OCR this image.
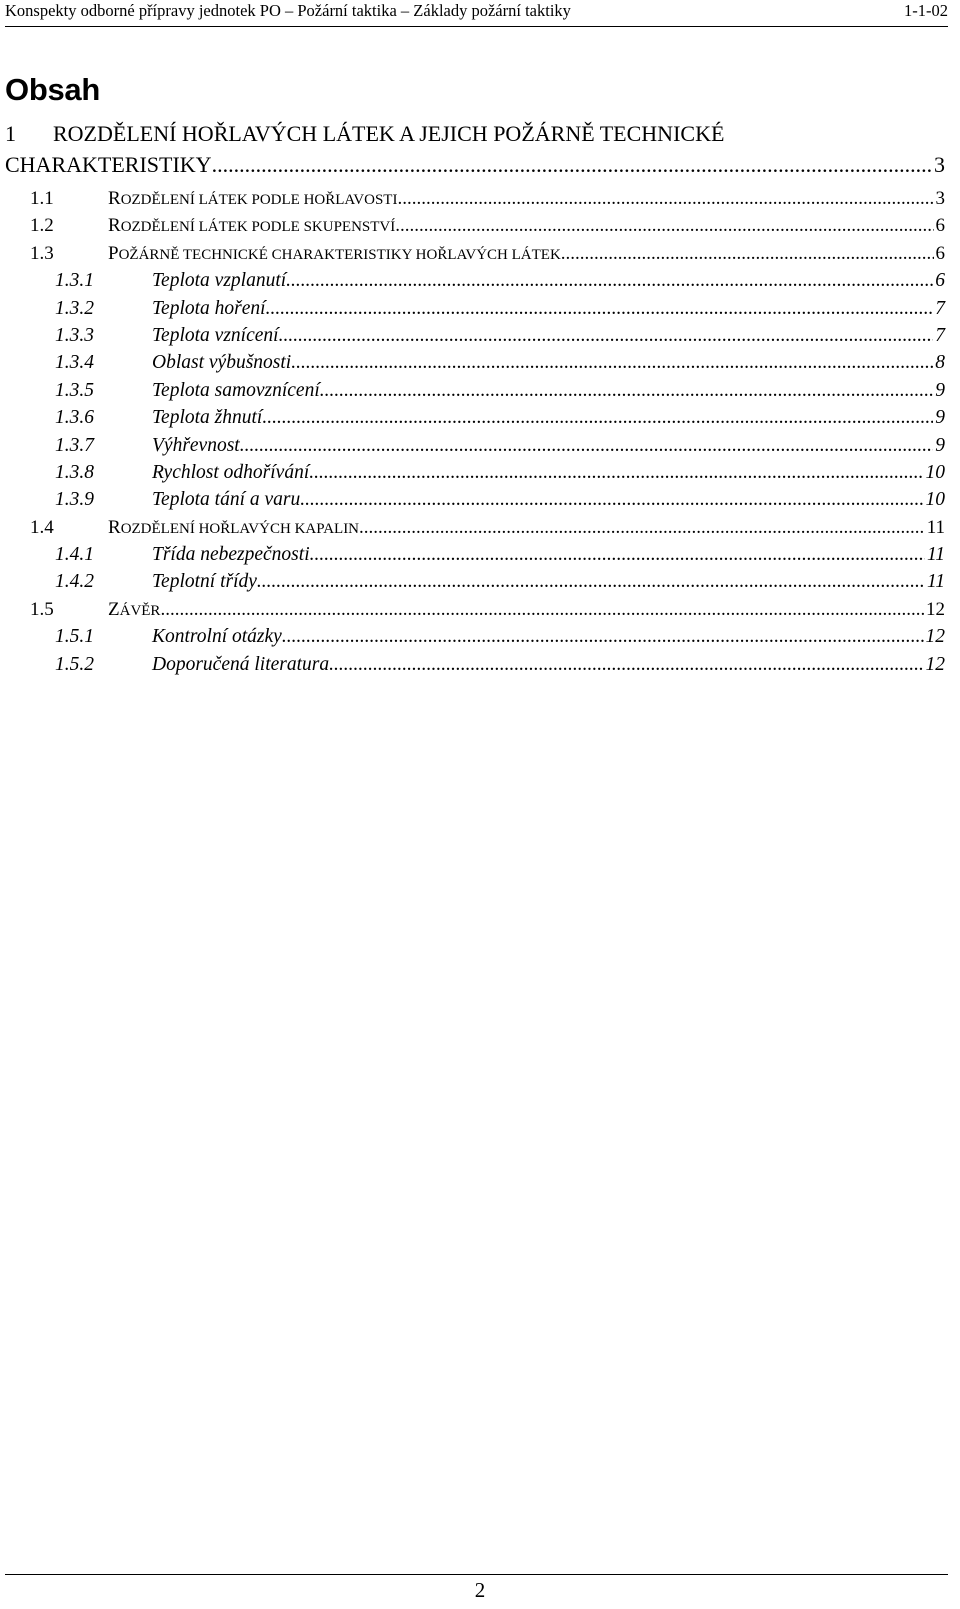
Konspekty odborné přípravy jednotek PO – Požární taktika – Základy požární taktiky	1-1-02
Obsah
1 ROZDĚLENÍ HOŘLAVÝCH LÁTEK A JEJICH POŽÁRNĚ TECHNICKÉ
CHARAKTERISTIKY .....	3
1.1	ROZDĚLENÍ LÁTEK PODLE HOŘLAVOSTI .....	3
1.2	ROZDĚLENÍ LÁTEK PODLE SKUPENSTVÍ .....	6
1.3	POŽÁRNĚ TECHNICKÉ CHARAKTERISTIKY HOŘLAVÝCH LÁTEK .....	6
1.3.1	Teplota vzplanutí .....	6
1.3.2	Teplota hoření .....	7
1.3.3	Teplota vznícení .....	7
1.3.4	Oblast výbušnosti .....	8
1.3.5	Teplota samovznícení .....	9
1.3.6	Teplota žhnutí .....	9
1.3.7	Výhřevnost .....	9
1.3.8	Rychlost odhořívání .....	10
1.3.9	Teplota tání a varu .....	10
1.4	ROZDĚLENÍ HOŘLAVÝCH KAPALIN .....	11
1.4.1	Třída nebezpečnosti .....	11
1.4.2	Teplotní třídy .....	11
1.5	ZÁVĚR .....	12
1.5.1	Kontrolní otázky .....	12
1.5.2	Doporučená literatura .....	12
2
